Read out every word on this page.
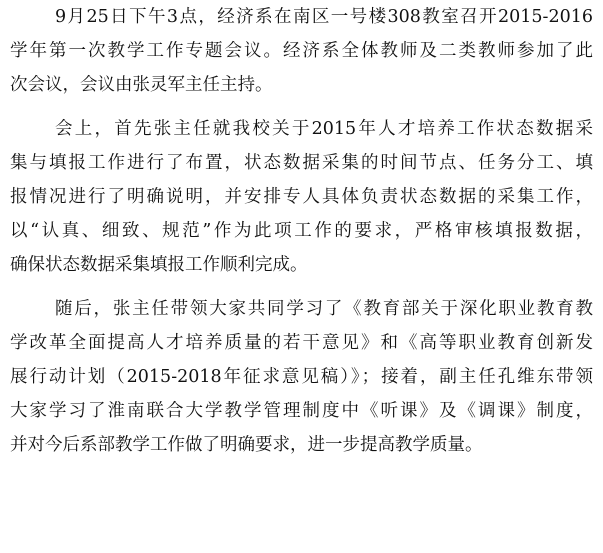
9月25日下午3点，经济系在南区一号楼308教室召开2015-2016
学年第一次教学工作专题会议。经济系全体教师及二类教师参加了此
次会议，会议由张灵军主任主持。
会上，首先张主任就我校关于2015年人才培养工作状态数据采
集与填报工作进行了布置，状态数据采集的时间节点、任务分工、填
报情况进行了明确说明，并安排专人具体负责状态数据的采集工作，
以“认真、细致、规范”作为此项工作的要求，严格审核填报数据，
确保状态数据采集填报工作顺利完成。
随后，张主任带领大家共同学习了《教育部关于深化职业教育教
学改革全面提高人才培养质量的若干意见》和《高等职业教育创新发
展行动计划（2015-2018年征求意见稿）》；接着，副主任孔维东带领
大家学习了淮南联合大学教学管理制度中《听课》及《调课》制度，
并对今后系部教学工作做了明确要求，进一步提高教学质量。
